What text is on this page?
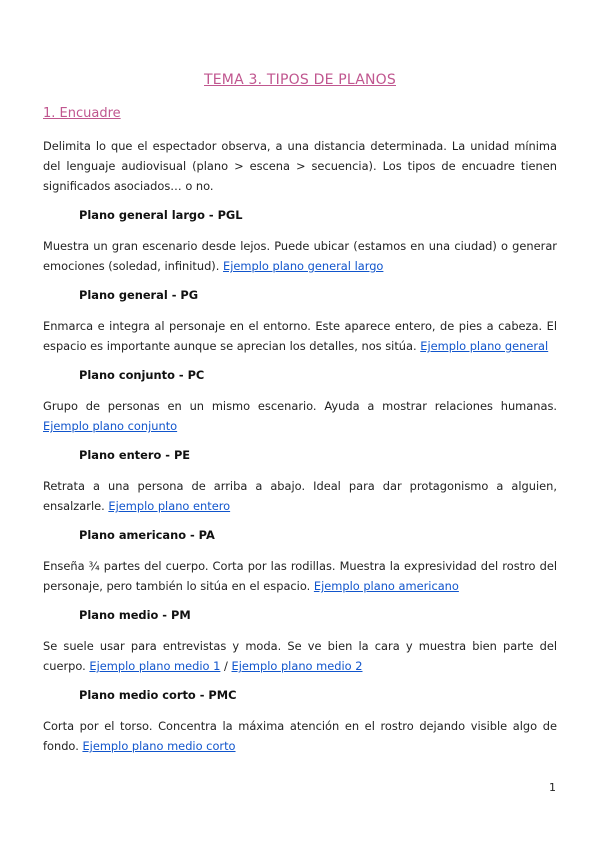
TEMA 3. TIPOS DE PLANOS
1. Encuadre
Delimita lo que el espectador observa, a una distancia determinada. La unidad mínima del lenguaje audiovisual (plano > escena > secuencia). Los tipos de encuadre tienen significados asociados… o no.
Plano general largo - PGL
Muestra un gran escenario desde lejos. Puede ubicar (estamos en una ciudad) o generar emociones (soledad, infinitud). Ejemplo plano general largo
Plano general - PG
Enmarca e integra al personaje en el entorno. Este aparece entero, de pies a cabeza. El espacio es importante aunque se aprecian los detalles, nos sitúa. Ejemplo plano general
Plano conjunto - PC
Grupo de personas en un mismo escenario. Ayuda a mostrar relaciones humanas. Ejemplo plano conjunto
Plano entero - PE
Retrata a una persona de arriba a abajo. Ideal para dar protagonismo a alguien, ensalzarle. Ejemplo plano entero
Plano americano - PA
Enseña ¾ partes del cuerpo. Corta por las rodillas. Muestra la expresividad del rostro del personaje, pero también lo sitúa en el espacio. Ejemplo plano americano
Plano medio - PM
Se suele usar para entrevistas y moda. Se ve bien la cara y muestra bien parte del cuerpo. Ejemplo plano medio 1 / Ejemplo plano medio 2
Plano medio corto - PMC
Corta por el torso. Concentra la máxima atención en el rostro dejando visible algo de fondo. Ejemplo plano medio corto
1
